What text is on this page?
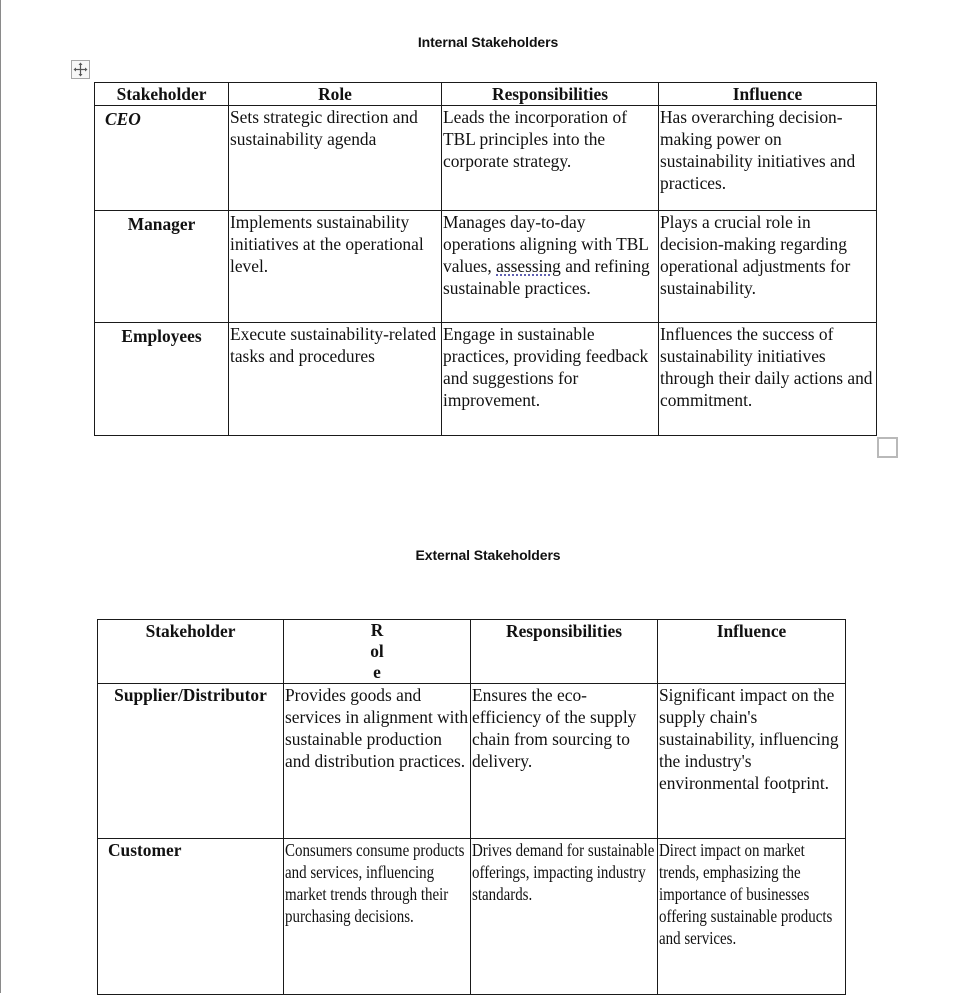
Internal Stakeholders
Stakeholder	Role	Responsibilities	Influence
CEO	Sets strategic direction and sustainability agenda	Leads the incorporation of TBL principles into the corporate strategy.	Has overarching decision-making power on sustainability initiatives and practices.
Manager	Implements sustainability initiatives at the operational level.	Manages day-to-day operations aligning with TBL values, assessing and refining sustainable practices.	Plays a crucial role in decision-making regarding operational adjustments for sustainability.
Employees	Execute sustainability-related tasks and procedures	Engage in sustainable practices, providing feedback and suggestions for improvement.	Influences the success of sustainability initiatives through their daily actions and commitment.
External Stakeholders
Stakeholder	Role	Responsibilities	Influence
Supplier/Distributor	Provides goods and services in alignment with sustainable production and distribution practices.	Ensures the eco-efficiency of the supply chain from sourcing to delivery.	Significant impact on the supply chain's sustainability, influencing the industry's environmental footprint.
Customer	Consumers consume products and services, influencing market trends through their purchasing decisions.	Drives demand for sustainable offerings, impacting industry standards.	Direct impact on market trends, emphasizing the importance of businesses offering sustainable products and services.
